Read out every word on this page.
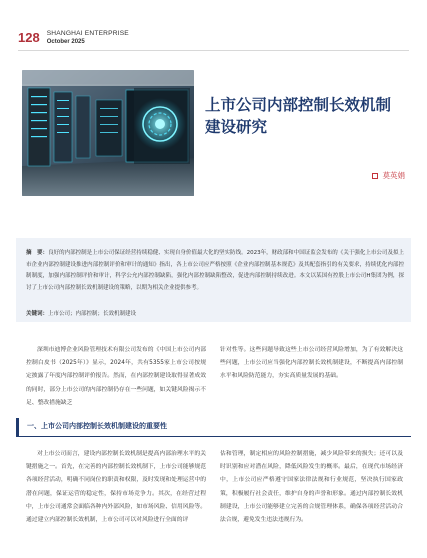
128 SHANGHAI ENTERPRISE
October 2025
上市公司内部控制长效机制
建设研究
莫英娟
摘　要：良好的内部控制是上市公司保证经营持续稳健、实现自身价值最大化的坚实防线。2023年，财政部和中国证监会发布的《关于强化上市公司及拟上市企业内部控制建设推进内部控制评价和审计的通知》指出，各上市公司应严格按照《企业内部控制基本规范》及其配套指引的有关要求，持续优化内部控制制度，加强内部控制评价和审计，科学公允内部控制缺陷，强化内部控制缺陷整改，促进内部控制持续改进。本文以某国有控股上市公司H集团为例，探讨了上市公司内部控制长效机制建设的策略，以期为相关企业提供参考。
关键词：上市公司；内部控制；长效机制建设

深圳市迪博企业风险管理技术有限公司发布的《中国上市公司内部控制白皮书（2025年）》显示，2024年，共有5355家上市公司按规定披露了年度内部控制评价报告。然而，在内部控制建设取得显著成效的同时，部分上市公司的内部控制仍存在一些问题，如关键风险揭示不足、整改措施缺乏

针对性等。这些问题导致这些上市公司经营风险增加，为了有效解决这些问题，上市公司应当强化内部控制长效机制建设，不断提高内部控制水平和风险防范能力，夯实高质量发展的基础。

一、上市公司内部控制长效机制建设的重要性

对上市公司而言，建设内部控制长效机制是提高内部治理水平的关键措施之一。首先，在完善的内部控制长效机制下，上市公司能够规范各项经营活动，明确不同岗位的职责和权限，及时发现和处理运营中的潜在问题，保证运营的稳定性，保持市场竞争力。其次，在经营过程中，上市公司通常会面临各种内外部风险，如市场风险、信用风险等。通过建立内部控制长效机制，上市公司可以对风险进行全面的评

估和管理，制定相应的风险控制措施，减少风险带来的损失；还可以及时识别和应对潜在风险，降低风险发生的概率。最后，在现代市场经济中，上市公司应严格遵守国家法律法规和行业规范，坚决执行国家政策，积极履行社会责任，维护自身的声誉和形象。通过内部控制长效机制建设，上市公司能够建立完善的合规管理体系，确保各项经营活动合法合规，避免发生违法违规行为。
